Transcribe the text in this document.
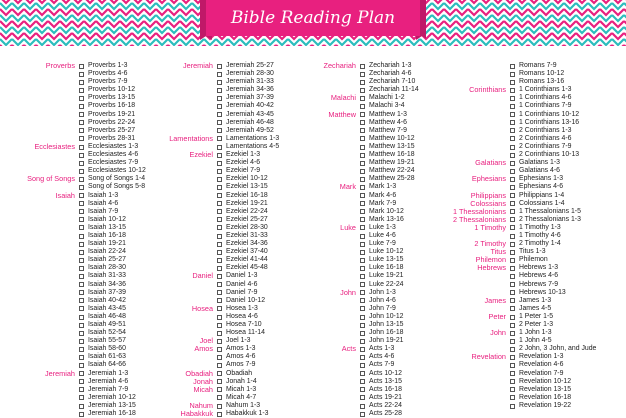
Bible Reading Plan
Proverbs Proverbs 1-3
Proverbs 4-6
Proverbs 7-9
Proverbs 10-12
Proverbs 13-15
Proverbs 16-18
Proverbs 19-21
Proverbs 22-24
Proverbs 25-27
Proverbs 28-31
Ecclesiastes Ecclesiastes 1-3
Ecclesiastes 4-6
Ecclesiastes 7-9
Ecclesiastes 10-12
Song of Songs Song of Songs 1-4
Song of Songs 5-8
Isaiah Isaiah 1-3
Isaiah 4-6
Isaiah 7-9
Isaiah 10-12
Isaiah 13-15
Isaiah 16-18
Isaiah 19-21
Isaiah 22-24
Isaiah 25-27
Isaiah 28-30
Isaiah 31-33
Isaiah 34-36
Isaiah 37-39
Isaiah 40-42
Isaiah 43-45
Isaiah 46-48
Isaiah 49-51
Isaiah 52-54
Isaiah 55-57
Isaiah 58-60
Isaiah 61-63
Isaiah 64-66
Jeremiah Jeremiah 1-3
Jeremiah 4-6
Jeremiah 7-9
Jeremiah 10-12
Jeremiah 13-15
Jeremiah 16-18
Jeremiah Jeremiah 25-27
Jeremiah 28-30
Jeremiah 31-33
Jeremiah 34-36
Jeremiah 37-39
Jeremiah 40-42
Jeremiah 43-45
Jeremiah 46-48
Jeremiah 49-52
Lamentations Lamentations 1-3
Lamentations 4-5
Ezekiel Ezekiel 1-3
Ezekiel 4-6
Ezekiel 7-9
Ezekiel 10-12
Ezekiel 13-15
Ezekiel 16-18
Ezekiel 19-21
Ezekiel 22-24
Ezekiel 25-27
Ezekiel 28-30
Ezekiel 31-33
Ezekiel 34-36
Ezekiel 37-40
Ezekiel 41-44
Ezekiel 45-48
Daniel Daniel 1-3
Daniel 4-6
Daniel 7-9
Daniel 10-12
Hosea Hosea 1-3
Hosea 4-6
Hosea 7-10
Hosea 11-14
Joel Joel 1-3
Amos Amos 1-3
Amos 4-6
Amos 7-9
Obadiah Obadiah
Jonah Jonah 1-4
Micah Micah 1-3
Micah 4-7
Nahum Nahum 1-3
Habakkuk Habakkuk 1-3
Zechariah Zechariah 1-3
Zechariah 4-6
Zechariah 7-10
Zechariah 11-14
Malachi Malachi 1-2
Malachi 3-4
Matthew Matthew 1-3
Matthew 4-6
Matthew 7-9
Matthew 10-12
Matthew 13-15
Matthew 16-18
Matthew 19-21
Matthew 22-24
Matthew 25-28
Mark Mark 1-3
Mark 4-6
Mark 7-9
Mark 10-12
Mark 13-16
Luke Luke 1-3
Luke 4-6
Luke 7-9
Luke 10-12
Luke 13-15
Luke 16-18
Luke 19-21
Luke 22-24
John John 1-3
John 4-6
John 7-9
John 10-12
John 13-15
John 16-18
John 19-21
Acts Acts 1-3
Acts 4-6
Acts 7-9
Acts 10-12
Acts 13-15
Acts 16-18
Acts 19-21
Acts 22-24
Acts 25-28
Romans 7-9
Romans 10-12
Romans 13-16
Corinthians 1 Corinthians 1-3
1 Corinthians 4-6
1 Corinthians 7-9
1 Corinthians 10-12
1 Corinthians 13-16
2 Corinthians 1-3
2 Corinthians 4-6
2 Corinthians 7-9
2 Corinthians 10-13
Galatians Galatians 1-3
Galatians 4-6
Ephesians Ephesians 1-3
Ephesians 4-6
Philippians Philippians 1-4
Colossians Colossians 1-4
1 Thessalonians 1 Thessalonians 1-5
2 Thessalonians 2 Thessalonians 1-3
1 Timothy 1 Timothy 1-3
1 Timothy 4-6
2 Timothy 2 Timothy 1-4
Titus Titus 1-3
Philemon Philemon
Hebrews Hebrews 1-3
Hebrews 4-6
Hebrews 7-9
Hebrews 10-13
James James 1-3
James 4-5
Peter 1 Peter 1-5
2 Peter 1-3
John 1 John 1-3
1 John 4-5
2 John, 3 John, and Jude
Revelation Revelation 1-3
Revelation 4-6
Revelation 7-9
Revelation 10-12
Revelation 13-15
Revelation 16-18
Revelation 19-22
